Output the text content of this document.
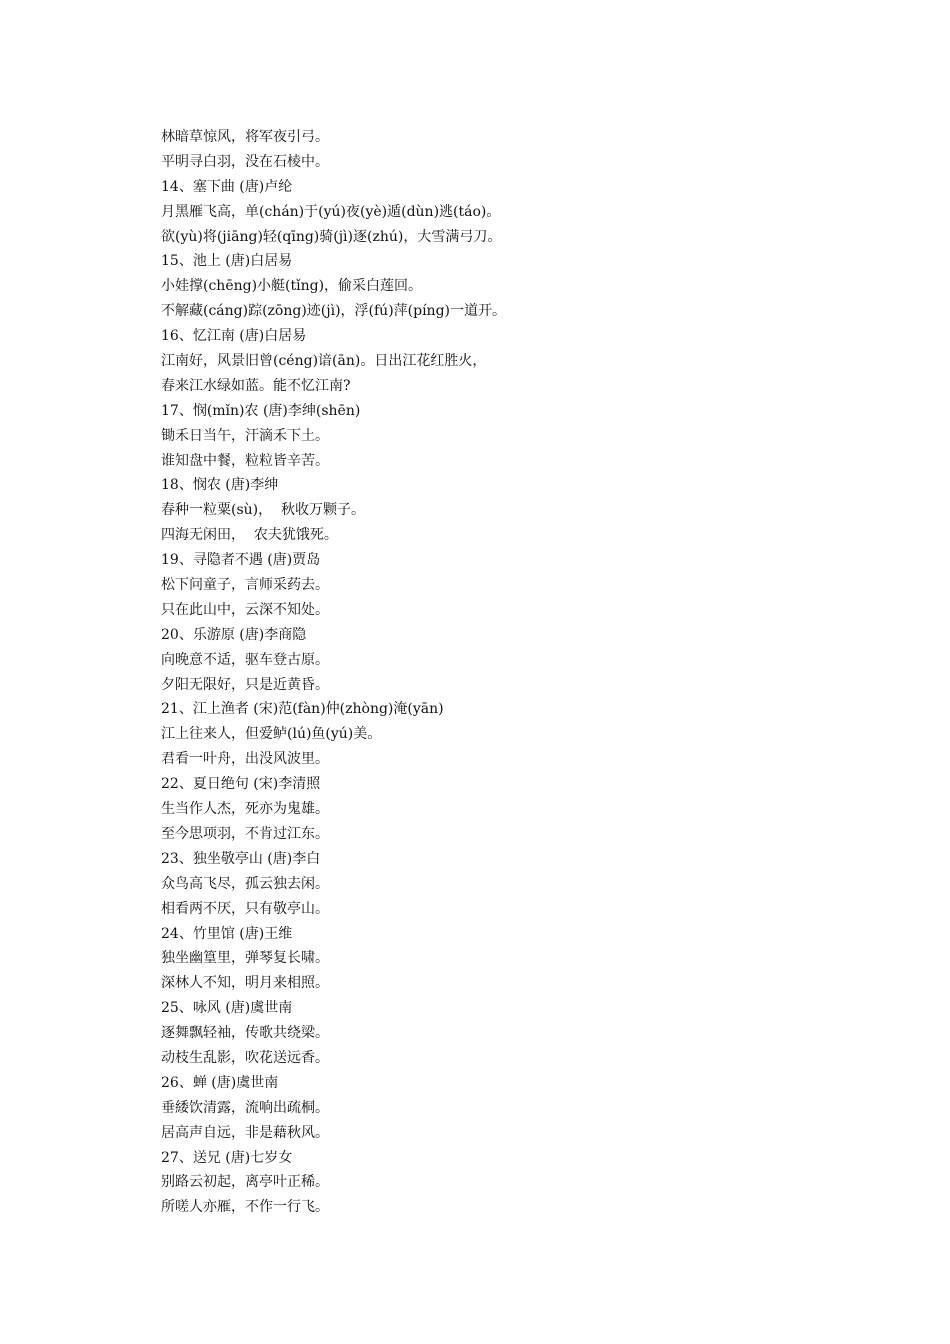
林暗草惊风，将军夜引弓。
平明寻白羽，没在石棱中。
14、塞下曲 (唐)卢纶
月黑雁飞高，单(chán)于(yú)夜(yè)遁(dùn)逃(táo)。
欲(yù)将(jiāng)轻(qīng)骑(jì)逐(zhú)，大雪满弓刀。
15、池上 (唐)白居易
小娃撑(chēng)小艇(tǐng)，偷采白莲回。
不解藏(cáng)踪(zōng)迹(jì)，浮(fú)萍(píng)一道开。
16、忆江南 (唐)白居易
江南好，风景旧曾(céng)谙(ān)。日出江花红胜火，
春来江水绿如蓝。能不忆江南?
17、悯(mǐn)农 (唐)李绅(shēn)
锄禾日当午，汗滴禾下土。
谁知盘中餐，粒粒皆辛苦。
18、悯农 (唐)李绅
春种一粒粟(sù)，  秋收万颗子。
四海无闲田，  农夫犹饿死。
19、寻隐者不遇 (唐)贾岛
松下问童子，言师采药去。
只在此山中，云深不知处。
20、乐游原 (唐)李商隐
向晚意不适，驱车登古原。
夕阳无限好，只是近黄昏。
21、江上渔者 (宋)范(fàn)仲(zhòng)淹(yān)
江上往来人，但爱鲈(lú)鱼(yú)美。
君看一叶舟，出没风波里。
22、夏日绝句 (宋)李清照
生当作人杰，死亦为鬼雄。
至今思项羽，不肯过江东。
23、独坐敬亭山 (唐)李白
众鸟高飞尽，孤云独去闲。
相看两不厌，只有敬亭山。
24、竹里馆 (唐)王维
独坐幽篁里，弹琴复长啸。
深林人不知，明月来相照。
25、咏风 (唐)虞世南
逐舞飘轻袖，传歌共绕梁。
动枝生乱影，吹花送远香。
26、蝉 (唐)虞世南
垂緌饮清露，流响出疏桐。
居高声自远，非是藉秋风。
27、送兄 (唐)七岁女
别路云初起，离亭叶正稀。
所嗟人亦雁，不作一行飞。
